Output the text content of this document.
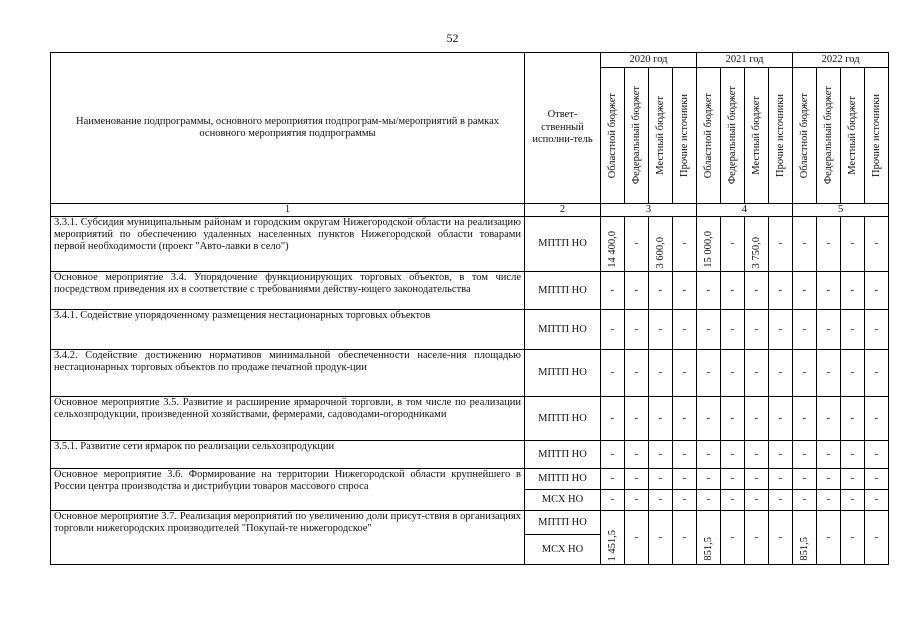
52
Наименование подпрограммы, основного мероприятия подпрограм-мы/мероприятий в рамках основного мероприятия подпрограммы	Ответ-ственный исполни-тель	2020 год				2021 год				2022 год			

		Областной бюджет	Федеральный бюджет	Местный бюджет	Прочие источники	Областной бюджет	Федеральный бюджет	Местный бюджет	Прочие источники	Областной бюджет	Федеральный бюджет	Местный бюджет	Прочие источники

1	2	3				4				5			
3.3.1. Субсидия муниципальным районам и городским округам Нижегородской области на реализацию мероприятий по обеспечению удаленных населенных пунктов Нижегородской области товарами первой необходимости (проект "Авто-лавки в село")	МПТП НО	14 400,0	-	3 600,0	-	15 000,0	-	3 750,0	-	-	-	-	-

Основное мероприятие 3.4. Упорядочение функционирующих торговых объектов, в том числе посредством приведения их в соответствие с требованиями действу-ющего законодательства	МПТП НО	-	-	-	-	-	-	-	-	-	-	-	-

3.4.1. Содействие упорядоченному размещения нестационарных торговых объектов	МПТП НО	-	-	-	-	-	-	-	-	-	-	-	-

3.4.2. Содействие достижению нормативов минимальной обеспеченности населе-ния площадью нестационарных торговых объектов по продаже печатной продук-ции	МПТП НО	-	-	-	-	-	-	-	-	-	-	-	-

Основное мероприятие 3.5. Развитие и расширение ярмарочной торговли, в том числе по реализации сельхозпродукции, произведенной хозяйствами, фермерами, садоводами-огородниками	МПТП НО	-	-	-	-	-	-	-	-	-	-	-	-

3.5.1. Развитие сети ярмарок по реализации сельхозпродукции	МПТП НО	-	-	-	-	-	-	-	-	-	-	-	-

Основное мероприятие 3.6. Формирование на территории Нижегородской области крупнейшего в России центра производства и дистрибуции товаров массового спроса	МПТП НО	-	-	-	-	-	-	-	-	-	-	-	-

	МСХ НО	-	-	-	-	-	-	-	-	-	-	-	-

Основное мероприятие 3.7. Реализация мероприятий по увеличению доли присут-ствия в организациях торговли нижегородских производителей "Покупай-те нижегородское"	МПТП НО	1 451,5	-	-	-	851,5	-	-	-	851,5	-	-	-

	МСХ НО												
